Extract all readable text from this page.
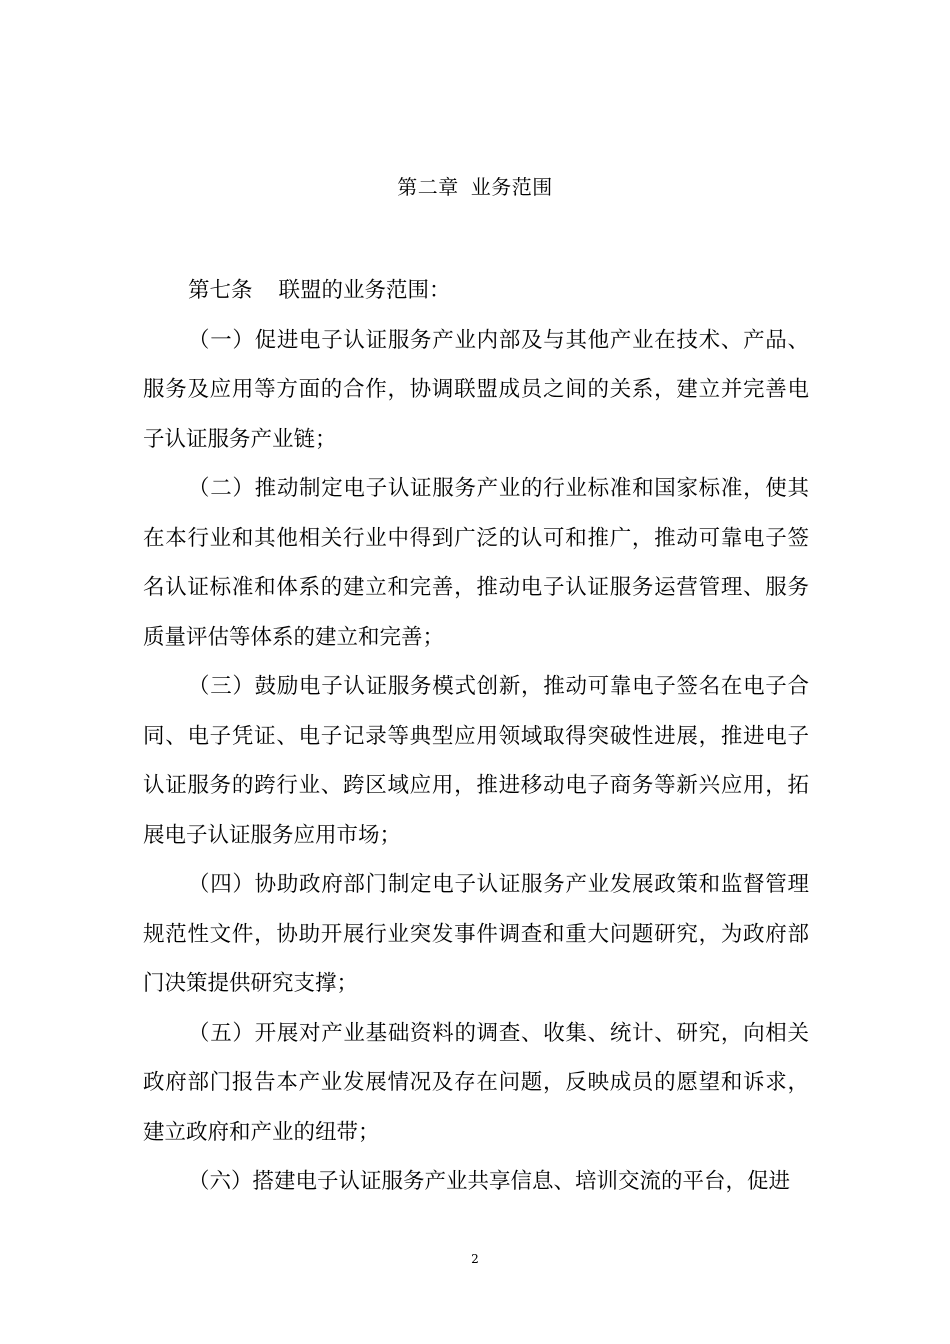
第二章 业务范围

第七条 联盟的业务范围：

（一）促进电子认证服务产业内部及与其他产业在技术、产品、服务及应用等方面的合作，协调联盟成员之间的关系，建立并完善电子认证服务产业链；

（二）推动制定电子认证服务产业的行业标准和国家标准，使其在本行业和其他相关行业中得到广泛的认可和推广，推动可靠电子签名认证标准和体系的建立和完善，推动电子认证服务运营管理、服务质量评估等体系的建立和完善；

（三）鼓励电子认证服务模式创新，推动可靠电子签名在电子合同、电子凭证、电子记录等典型应用领域取得突破性进展，推进电子认证服务的跨行业、跨区域应用，推进移动电子商务等新兴应用，拓展电子认证服务应用市场；

（四）协助政府部门制定电子认证服务产业发展政策和监督管理规范性文件，协助开展行业突发事件调查和重大问题研究，为政府部门决策提供研究支撑；

（五）开展对产业基础资料的调查、收集、统计、研究，向相关政府部门报告本产业发展情况及存在问题，反映成员的愿望和诉求，建立政府和产业的纽带；

（六）搭建电子认证服务产业共享信息、培训交流的平台，促进

2
